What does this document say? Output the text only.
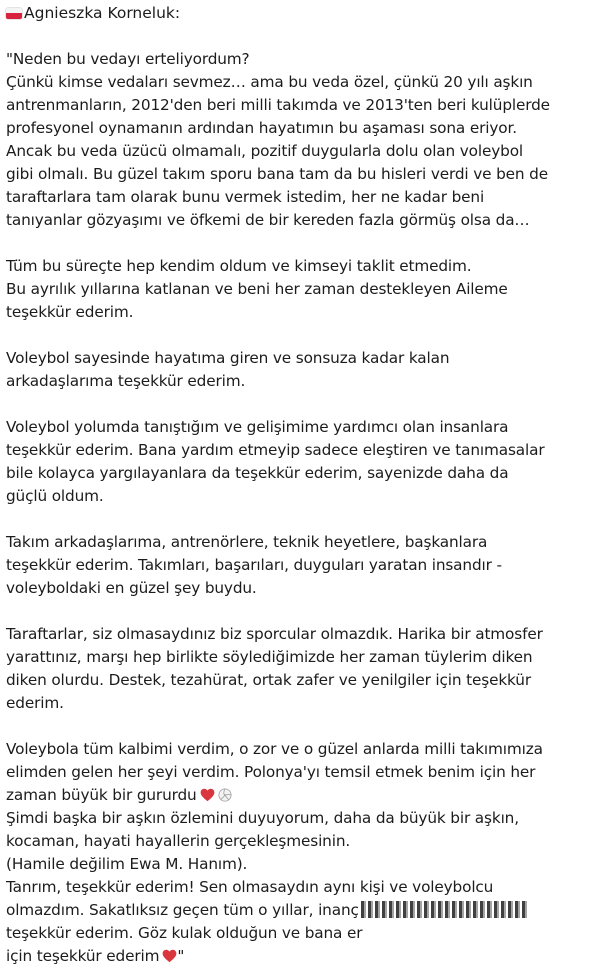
Agnieszka Korneluk:
"Neden bu vedayı erteliyordum?
Çünkü kimse vedaları sevmez… ama bu veda özel, çünkü 20 yılı aşkın
antrenmanların, 2012'den beri milli takımda ve 2013'ten beri kulüplerde
profesyonel oynamanın ardından hayatımın bu aşaması sona eriyor.
Ancak bu veda üzücü olmamalı, pozitif duygularla dolu olan voleybol
gibi olmalı. Bu güzel takım sporu bana tam da bu hisleri verdi ve ben de
taraftarlara tam olarak bunu vermek istedim, her ne kadar beni
tanıyanlar gözyaşımı ve öfkemi de bir kereden fazla görmüş olsa da…
Tüm bu süreçte hep kendim oldum ve kimseyi taklit etmedim.
Bu ayrılık yıllarına katlanan ve beni her zaman destekleyen Aileme
teşekkür ederim.
Voleybol sayesinde hayatıma giren ve sonsuza kadar kalan
arkadaşlarıma teşekkür ederim.
Voleybol yolumda tanıştığım ve gelişimime yardımcı olan insanlara
teşekkür ederim. Bana yardım etmeyip sadece eleştiren ve tanımasalar
bile kolayca yargılayanlara da teşekkür ederim, sayenizde daha da
güçlü oldum.
Takım arkadaşlarıma, antrenörlere, teknik heyetlere, başkanlara
teşekkür ederim. Takımları, başarıları, duyguları yaratan insandır -
voleyboldaki en güzel şey buydu.
Taraftarlar, siz olmasaydınız biz sporcular olmazdık. Harika bir atmosfer
yarattınız, marşı hep birlikte söylediğimizde her zaman tüylerim diken
diken olurdu. Destek, tezahürat, ortak zafer ve yenilgiler için teşekkür
ederim.
Voleybola tüm kalbimi verdim, o zor ve o güzel anlarda milli takımımıza
elimden gelen her şeyi verdim. Polonya'yı temsil etmek benim için her
zaman büyük bir gururdu
Şimdi başka bir aşkın özlemini duyuyorum, daha da büyük bir aşkın,
kocaman, hayati hayallerin gerçekleşmesinin.
(Hamile değilim Ewa M. Hanım).
Tanrım, teşekkür ederim! Sen olmasaydın aynı kişi ve voleybolcu
olmazdım. Sakatlıksız geçen tüm o yıllar, inanç
teşekkür ederim. Göz kulak olduğun ve bana er
için teşekkür ederim "
